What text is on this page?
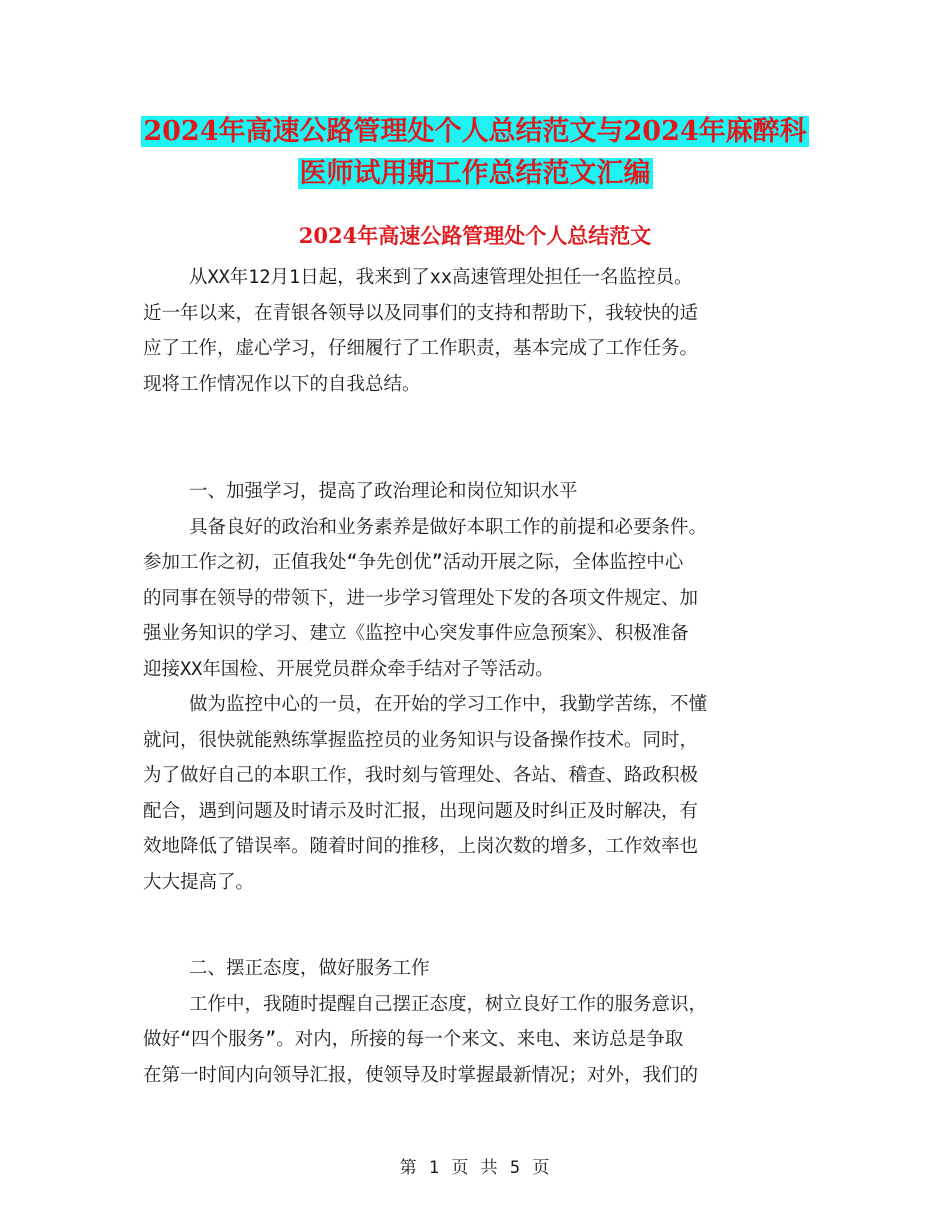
2024年高速公路管理处个人总结范文与2024年麻醉科
医师试用期工作总结范文汇编
2024年高速公路管理处个人总结范文
从XX年12月1日起，我来到了xx高速管理处担任一名监控员。
近一年以来，在青银各领导以及同事们的支持和帮助下，我较快的适
应了工作，虚心学习，仔细履行了工作职责，基本完成了工作任务。
现将工作情况作以下的自我总结。
一、加强学习，提高了政治理论和岗位知识水平
具备良好的政治和业务素养是做好本职工作的前提和必要条件。
参加工作之初，正值我处“争先创优”活动开展之际，全体监控中心
的同事在领导的带领下，进一步学习管理处下发的各项文件规定、加
强业务知识的学习、建立《监控中心突发事件应急预案》、积极准备
迎接XX年国检、开展党员群众牵手结对子等活动。
做为监控中心的一员，在开始的学习工作中，我勤学苦练，不懂
就问，很快就能熟练掌握监控员的业务知识与设备操作技术。同时，
为了做好自己的本职工作，我时刻与管理处、各站、稽查、路政积极
配合，遇到问题及时请示及时汇报，出现问题及时纠正及时解决，有
效地降低了错误率。随着时间的推移，上岗次数的增多，工作效率也
大大提高了。
二、摆正态度，做好服务工作
工作中，我随时提醒自己摆正态度，树立良好工作的服务意识，
做好“四个服务”。对内，所接的每一个来文、来电、来访总是争取
在第一时间内向领导汇报，使领导及时掌握最新情况；对外，我们的
第 1 页 共 5 页
